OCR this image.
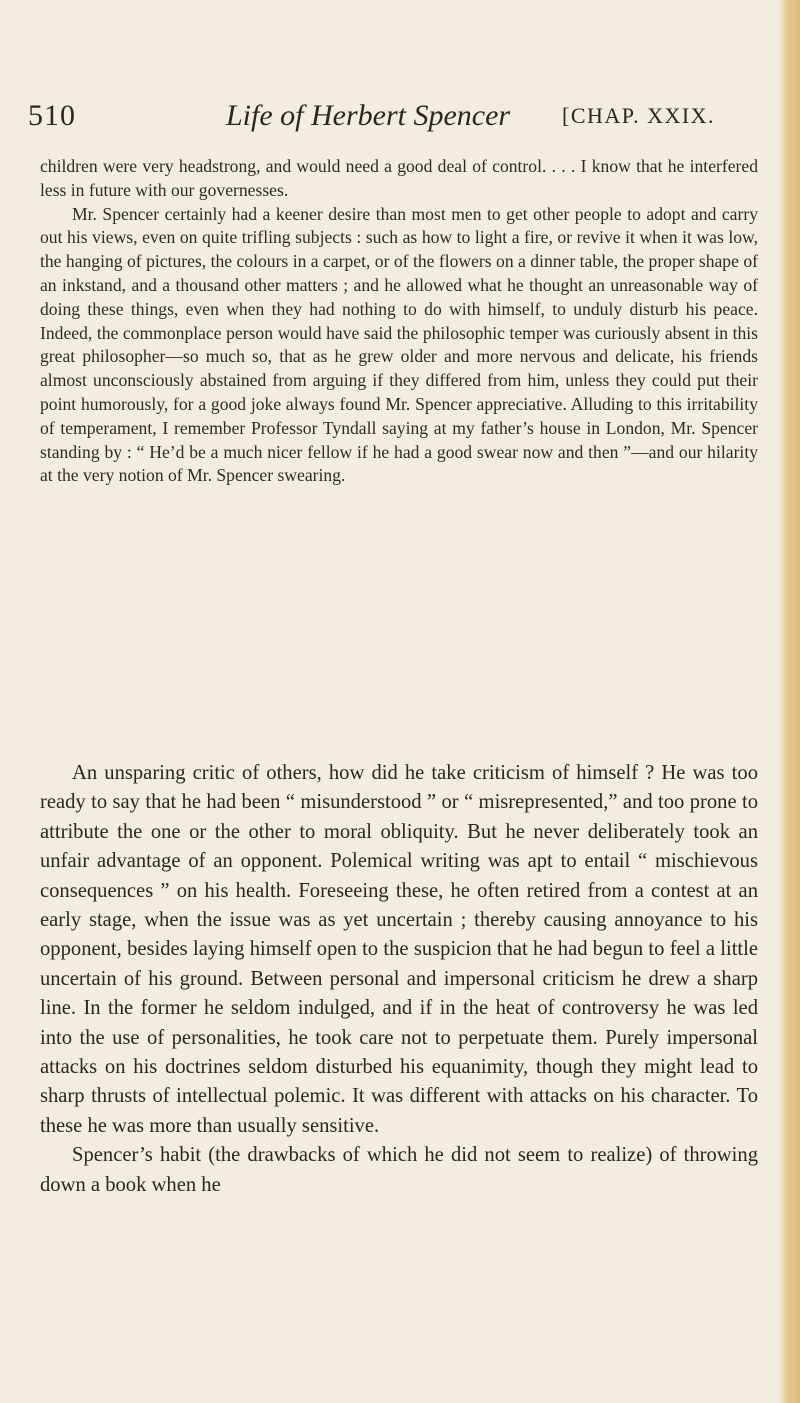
510	Life of Herbert Spencer [CHAP. XXIX.

children were very headstrong, and would need a good deal of control. . . . I know that he interfered less in future with our governesses.

Mr. Spencer certainly had a keener desire than most men to get other people to adopt and carry out his views, even on quite trifling subjects : such as how to light a fire, or revive it when it was low, the hanging of pictures, the colours in a carpet, or of the flowers on a dinner table, the proper shape of an inkstand, and a thousand other matters ; and he allowed what he thought an unreasonable way of doing these things, even when they had nothing to do with himself, to unduly disturb his peace. Indeed, the commonplace person would have said the philosophic temper was curiously absent in this great philosopher—so much so, that as he grew older and more nervous and delicate, his friends almost unconsciously abstained from arguing if they differed from him, unless they could put their point humorously, for a good joke always found Mr. Spencer appreciative. Alluding to this irritability of temperament, I remember Professor Tyndall saying at my father’s house in London, Mr. Spencer standing by : “ He’d be a much nicer fellow if he had a good swear now and then ”—and our hilarity at the very notion of Mr. Spencer swearing.

An unsparing critic of others, how did he take criticism of himself ? He was too ready to say that he had been “ misunderstood ” or “ misrepresented,” and too prone to attribute the one or the other to moral obliquity. But he never deliberately took an unfair advantage of an opponent. Polemical writing was apt to entail “ mischievous consequences ” on his health. Foreseeing these, he often retired from a contest at an early stage, when the issue was as yet uncertain ; thereby causing annoyance to his opponent, besides laying himself open to the suspicion that he had begun to feel a little uncertain of his ground. Between personal and impersonal criticism he drew a sharp line. In the former he seldom indulged, and if in the heat of controversy he was led into the use of personalities, he took care not to perpetuate them. Purely impersonal attacks on his doctrines seldom disturbed his equanimity, though they might lead to sharp thrusts of intellectual polemic. It was different with attacks on his character. To these he was more than usually sensitive.

Spencer’s habit (the drawbacks of which he did not seem to realize) of throwing down a book when he
